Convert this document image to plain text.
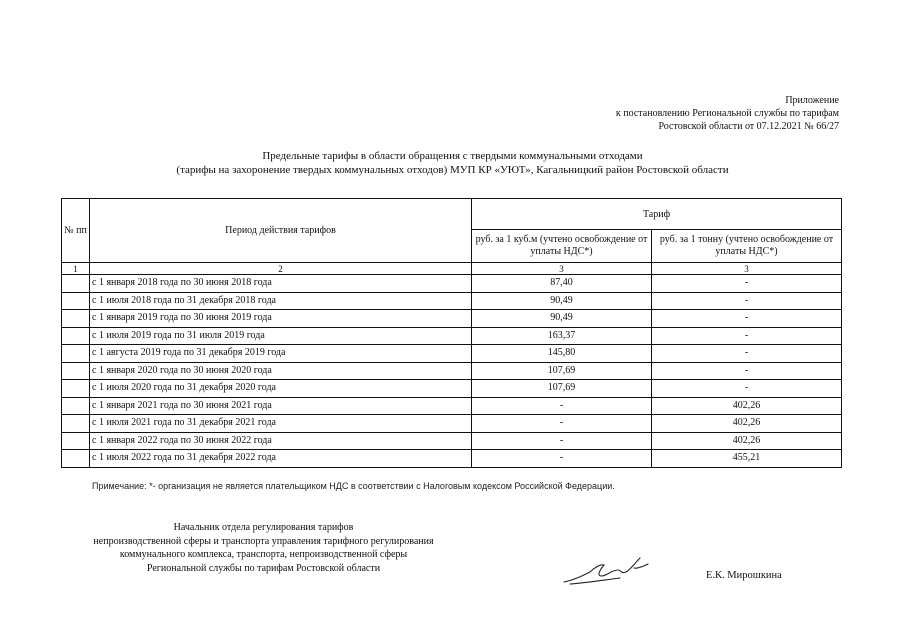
Приложение
к постановлению Региональной службы по тарифам
Ростовской области от 07.12.2021 № 66/27
Предельные тарифы в области обращения с твердыми коммунальными отходами
(тарифы на захоронение твердых коммунальных отходов) МУП КР «УЮТ», Кагальницкий район Ростовской области
№ пп	Период действия тарифов	Тариф	
		руб. за 1 куб.м (учтено освобождение от уплаты НДС*)	руб. за 1 тонну (учтено освобождение от уплаты НДС*)
1	2	3	3
	с 1 января 2018 года по 30 июня 2018 года	87,40	-
	с 1 июля 2018 года по 31 декабря 2018 года	90,49	-
	с 1 января 2019 года по 30 июня 2019 года	90,49	-
	с 1 июля 2019 года по 31 июля 2019 года	163,37	-
	с 1 августа 2019 года по 31 декабря 2019 года	145,80	-
	с 1 января 2020 года по 30 июня 2020 года	107,69	-
	с 1 июля 2020 года по 31 декабря 2020 года	107,69	-
	с 1 января 2021 года по 30 июня 2021 года	-	402,26
	с 1 июля 2021 года по 31 декабря 2021 года	-	402,26
	с 1 января 2022 года по 30 июня 2022 года	-	402,26
	с 1 июля 2022 года по 31 декабря 2022 года	-	455,21
Примечание: *- организация не является плательщиком НДС в соответствии с Налоговым кодексом Российской Федерации.
Начальник отдела регулирования тарифов
непроизводственной сферы и транспорта управления тарифного регулирования
коммунального комплекса, транспорта, непроизводственной сферы
Региональной службы по тарифам Ростовской области
Е.К. Мирошкина
